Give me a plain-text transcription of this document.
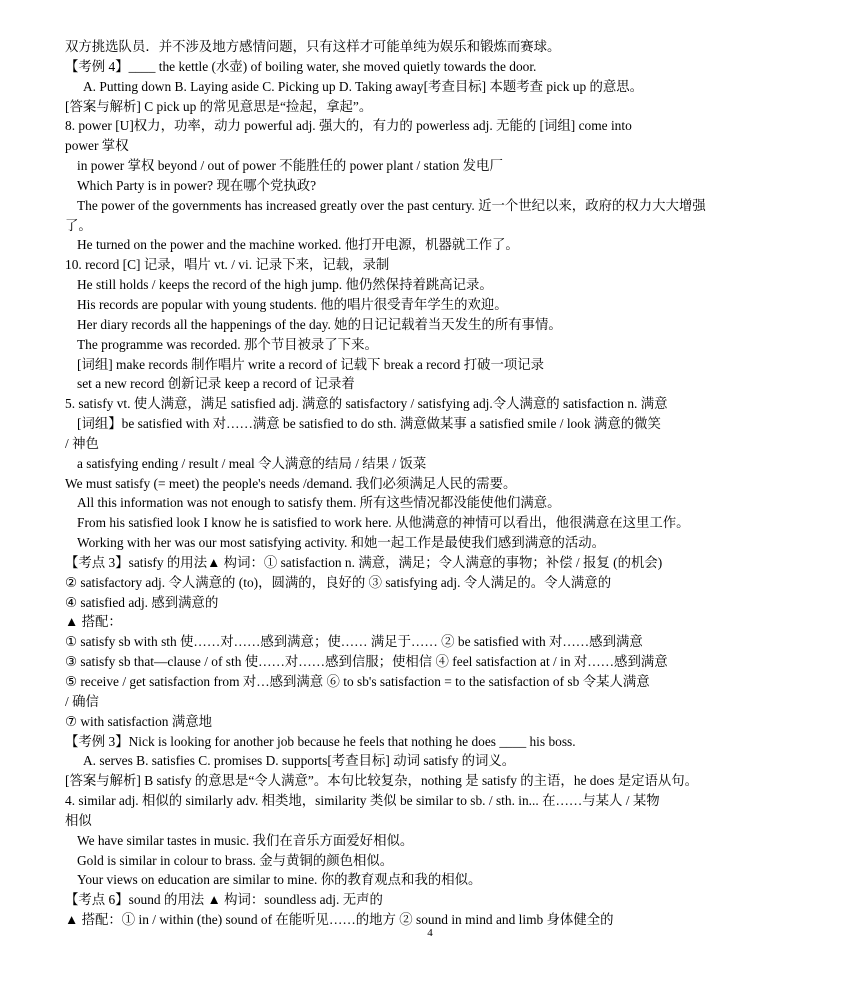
双方挑选队员．并不涉及地方感情问题，只有这样才可能单纯为娱乐和锻炼而赛球。
【考例 4】____ the kettle (水壶) of boiling water, she moved quietly towards the door.
A. Putting down B. Laying aside C. Picking up D. Taking away[考查目标] 本题考查 pick up 的意思。
[答案与解析] C pick up 的常见意思是“捡起，拿起”。
8. power [U]权力，功率，动力 powerful adj. 强大的，有力的 powerless adj. 无能的 [词组] come into
power 掌权
in power 掌权 beyond / out of power 不能胜任的 power plant / station 发电厂
Which Party is in power? 现在哪个党执政?
The power of the governments has increased greatly over the past century. 近一个世纪以来，政府的权力大大增强
了。
He turned on the power and the machine worked. 他打开电源，机器就工作了。
10. record [C] 记录，唱片 vt. / vi. 记录下来，记载，录制
He still holds / keeps the record of the high jump. 他仍然保持着跳高记录。
His records are popular with young students. 他的唱片很受青年学生的欢迎。
Her diary records all the happenings of the day. 她的日记记载着当天发生的所有事情。
The programme was recorded. 那个节目被录了下来。
[词组] make records 制作唱片 write a record of 记载下 break a record 打破一项记录
set a new record 创新记录 keep a record of 记录着
5. satisfy vt. 使人满意，满足 satisfied adj. 满意的 satisfactory / satisfying adj.令人满意的 satisfaction n. 满意
[词组】be satisfied with 对……满意 be satisfied to do sth. 满意做某事 a satisfied smile / look 满意的微笑
/ 神色
a satisfying ending / result / meal 令人满意的结局 / 结果 / 饭菜
We must satisfy (= meet) the people's needs /demand. 我们必须满足人民的需要。
All this information was not enough to satisfy them. 所有这些情况都没能使他们满意。
From his satisfied look I know he is satisfied to work here. 从他满意的神情可以看出，他很满意在这里工作。
Working with her was our most satisfying activity. 和她一起工作是最使我们感到满意的活动。
【考点 3】satisfy 的用法▲ 构词：① satisfaction n. 满意，满足；令人满意的事物；补偿 / 报复 (的机会)
② satisfactory adj. 令人满意的 (to)，圆满的，良好的 ③ satisfying adj. 令人满足的。令人满意的
④ satisfied adj. 感到满意的
▲ 搭配：
① satisfy sb with sth 使……对……感到满意；使…… 满足于…… ② be satisfied with 对……感到满意
③ satisfy sb that—clause / of sth 使……对……感到信服；使相信 ④ feel satisfaction at / in 对……感到满意
⑤ receive / get satisfaction from 对…感到满意 ⑥ to sb's satisfaction = to the satisfaction of sb 令某人满意
/ 确信
⑦ with satisfaction 满意地
【考例 3】Nick is looking for another job because he feels that nothing he does ____ his boss.
A. serves B. satisfies C. promises D. supports[考查目标] 动词 satisfy 的词义。
[答案与解析] B satisfy 的意思是“令人满意”。本句比较复杂，nothing 是 satisfy 的主语，he does 是定语从句。
4. similar adj. 相似的 similarly adv. 相类地，similarity 类似 be similar to sb. / sth. in... 在……与某人 / 某物
相似
We have similar tastes in music. 我们在音乐方面爱好相似。
Gold is similar in colour to brass. 金与黄铜的颜色相似。
Your views on education are similar to mine. 你的教育观点和我的相似。
【考点 6】sound 的用法 ▲ 构词：soundless adj. 无声的
▲ 搭配：① in / within (the) sound of 在能听见……的地方 ② sound in mind and limb 身体健全的
4
